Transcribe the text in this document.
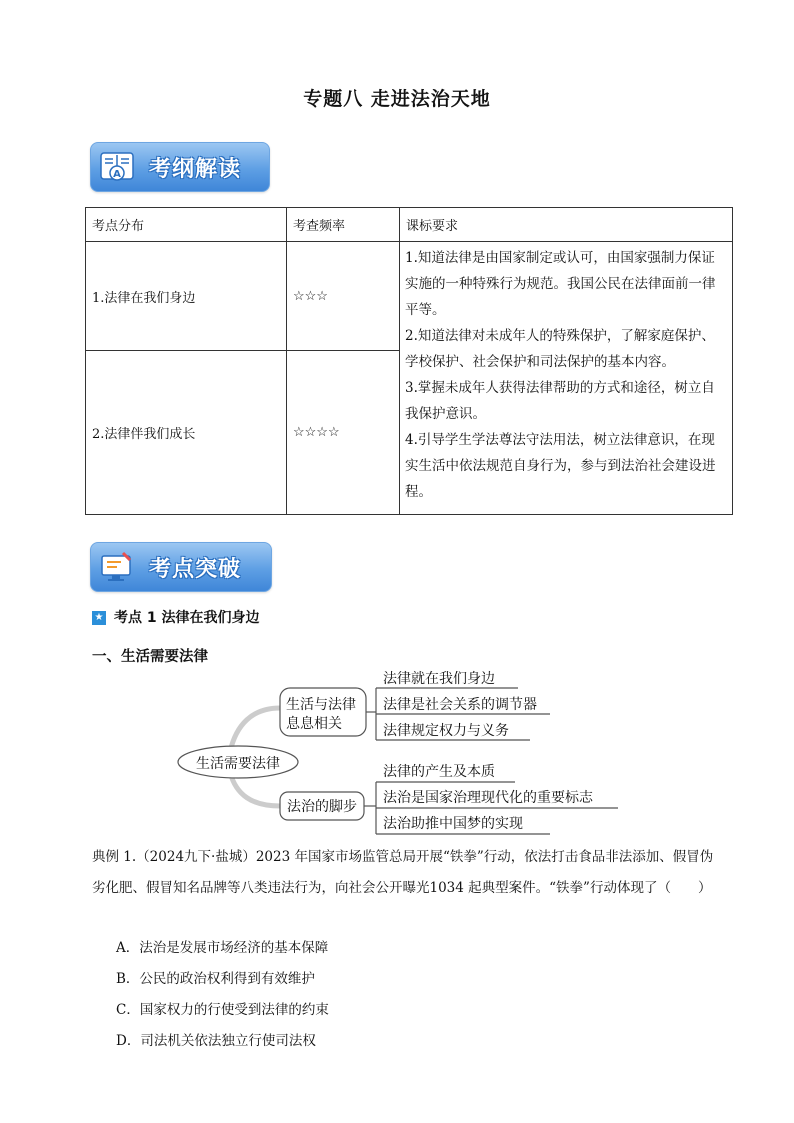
专题八 走进法治天地
A 考纲解读
考点分布	考查频率	课标要求
1.法律在我们身边	☆☆☆	1.知道法律是由国家制定或认可，由国家强制力保证实施的一种特殊行为规范。我国公民在法律面前一律平等。
2.知道法律对未成年人的特殊保护，了解家庭保护、学校保护、社会保护和司法保护的基本内容。
3.掌握未成年人获得法律帮助的方式和途径，树立自我保护意识。
4.引导学生学法尊法守法用法，树立法律意识，在现实生活中依法规范自身行为，参与到法治社会建设进程。

2.法律伴我们成长	☆☆☆☆	
考点突破
★ 考点 1 法律在我们身边
一、生活需要法律
生活需要法律
生活与法律
息息相关
法律就在我们身边
法律是社会关系的调节器
法律规定权力与义务
法治的脚步
法律的产生及本质
法治是国家治理现代化的重要标志
法治助推中国梦的实现
典例 1.（2024九下·盐城）2023 年国家市场监管总局开展“铁拳”行动，依法打击食品非法添加、假冒伪劣化肥、假冒知名品牌等八类违法行为，向社会公开曝光1034 起典型案件。“铁拳”行动体现了（　　）
A．法治是发展市场经济的基本保障
B．公民的政治权利得到有效维护
C．国家权力的行使受到法律的约束
D．司法机关依法独立行使司法权
